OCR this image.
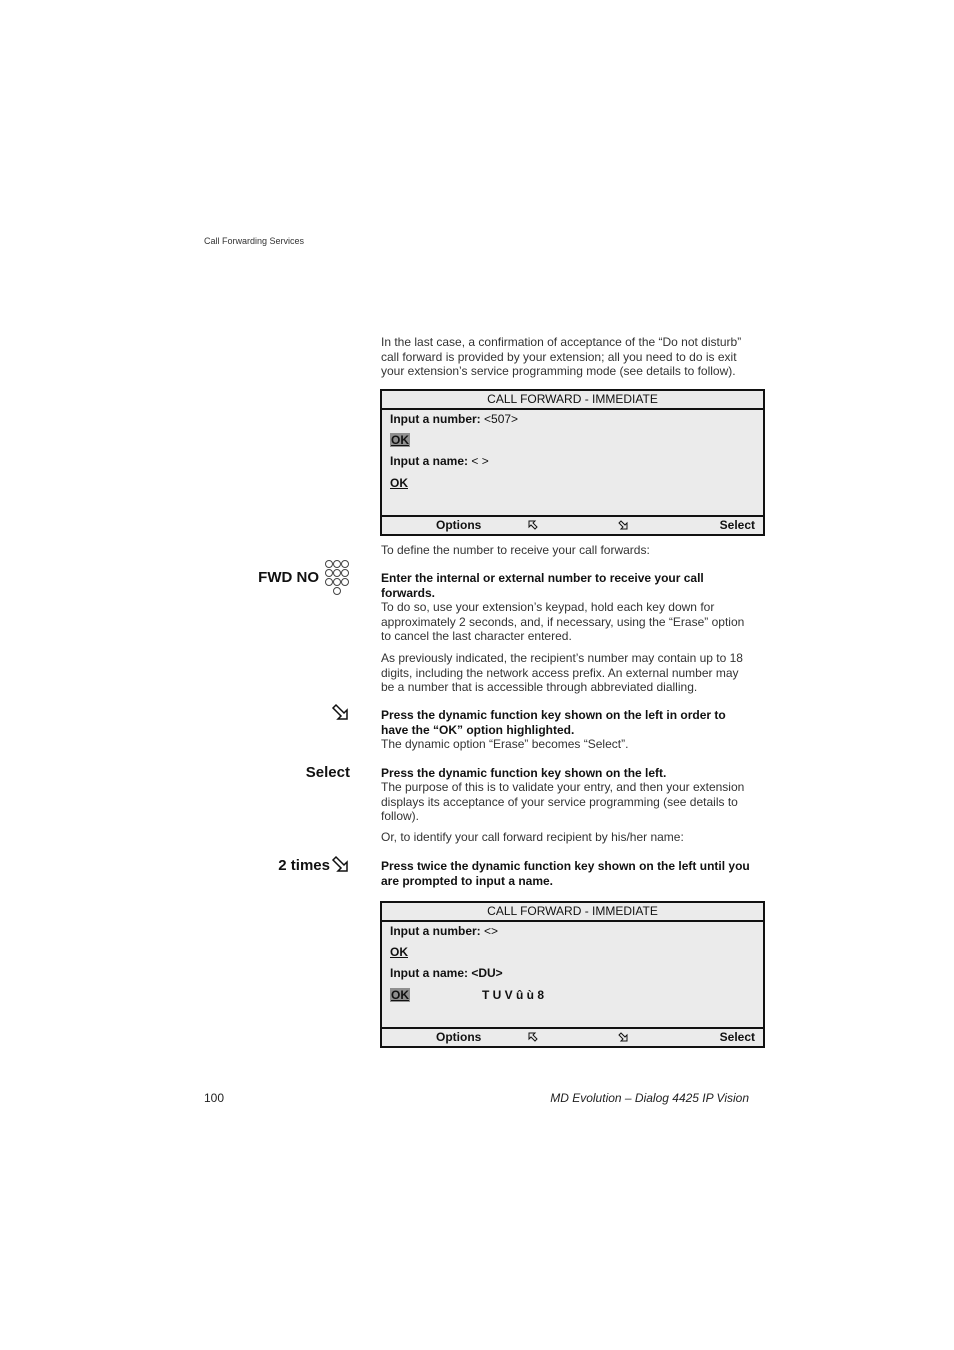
Call Forwarding Services
In the last case, a confirmation of acceptance of the “Do not disturb” call forward is provided by your extension; all you need to do is exit your extension’s service programming mode (see details to follow).
CALL FORWARD - IMMEDIATE
Input a number: <507>
OK
Input a name: < >
OK
Options	Select
To define the number to receive your call forwards:
FWD NO	Enter the internal or external number to receive your call forwards.
To do so, use your extension’s keypad, hold each key down for approximately 2 seconds, and, if necessary, using the “Erase” option to cancel the last character entered.
As previously indicated, the recipient’s number may contain up to 18 digits, including the network access prefix. An external number may be a number that is accessible through abbreviated dialling.
Press the dynamic function key shown on the left in order to have the “OK” option highlighted.
The dynamic option “Erase” becomes “Select”.
Select	Press the dynamic function key shown on the left.
The purpose of this is to validate your entry, and then your extension displays its acceptance of your service programming (see details to follow).
Or, to identify your call forward recipient by his/her name:
2 times	Press twice the dynamic function key shown on the left until you are prompted to input a name.
CALL FORWARD - IMMEDIATE
Input a number: <>
OK
Input a name: <DU>
OK	T U V û ù 8
Options	Select
100	MD Evolution – Dialog 4425 IP Vision
